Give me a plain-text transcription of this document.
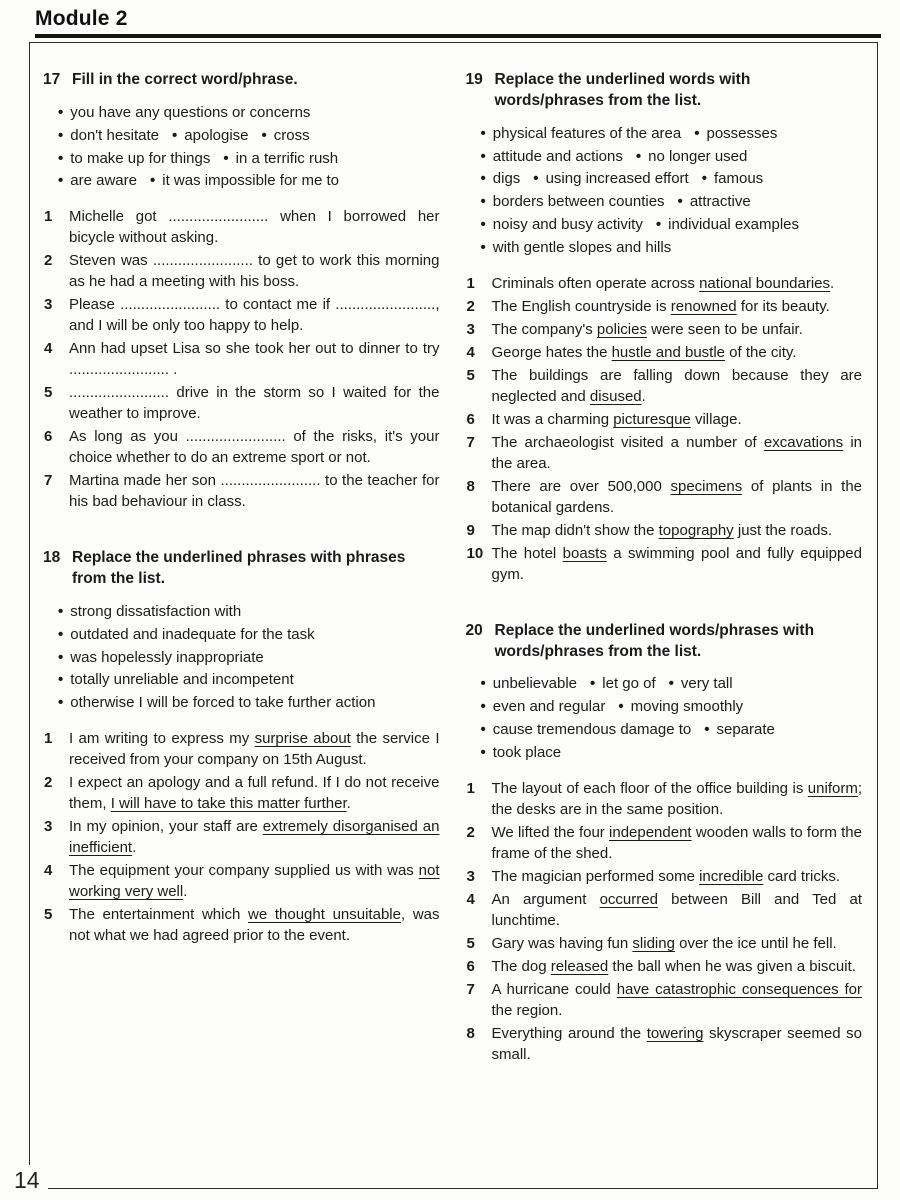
Module 2
17 Fill in the correct word/phrase.
• you have any questions or concerns
• don't hesitate • apologise • cross
• to make up for things • in a terrific rush
• are aware • it was impossible for me to
1 Michelle got ........................ when I borrowed her bicycle without asking.
2 Steven was ........................ to get to work this morning as he had a meeting with his boss.
3 Please ........................ to contact me if ........................, and I will be only too happy to help.
4 Ann had upset Lisa so she took her out to dinner to try ........................ .
5 ........................ drive in the storm so I waited for the weather to improve.
6 As long as you ........................ of the risks, it's your choice whether to do an extreme sport or not.
7 Martina made her son ........................ to the teacher for his bad behaviour in class.
18 Replace the underlined phrases with phrases from the list.
• strong dissatisfaction with
• outdated and inadequate for the task
• was hopelessly inappropriate
• totally unreliable and incompetent
• otherwise I will be forced to take further action
1 I am writing to express my surprise about the service I received from your company on 15th August.
2 I expect an apology and a full refund. If I do not receive them, I will have to take this matter further.
3 In my opinion, your staff are extremely disorganised an inefficient.
4 The equipment your company supplied us with was not working very well.
5 The entertainment which we thought unsuitable, was not what we had agreed prior to the event.
19 Replace the underlined words with words/phrases from the list.
• physical features of the area • possesses
• attitude and actions • no longer used
• digs • using increased effort • famous
• borders between counties • attractive
• noisy and busy activity • individual examples
• with gentle slopes and hills
1 Criminals often operate across national boundaries.
2 The English countryside is renowned for its beauty.
3 The company's policies were seen to be unfair.
4 George hates the hustle and bustle of the city.
5 The buildings are falling down because they are neglected and disused.
6 It was a charming picturesque village.
7 The archaeologist visited a number of excavations in the area.
8 There are over 500,000 specimens of plants in the botanical gardens.
9 The map didn't show the topography just the roads.
10 The hotel boasts a swimming pool and fully equipped gym.
20 Replace the underlined words/phrases with words/phrases from the list.
• unbelievable • let go of • very tall
• even and regular • moving smoothly
• cause tremendous damage to • separate
• took place
1 The layout of each floor of the office building is uniform; the desks are in the same position.
2 We lifted the four independent wooden walls to form the frame of the shed.
3 The magician performed some incredible card tricks.
4 An argument occurred between Bill and Ted at lunchtime.
5 Gary was having fun sliding over the ice until he fell.
6 The dog released the ball when he was given a biscuit.
7 A hurricane could have catastrophic consequences for the region.
8 Everything around the towering skyscraper seemed so small.
14
